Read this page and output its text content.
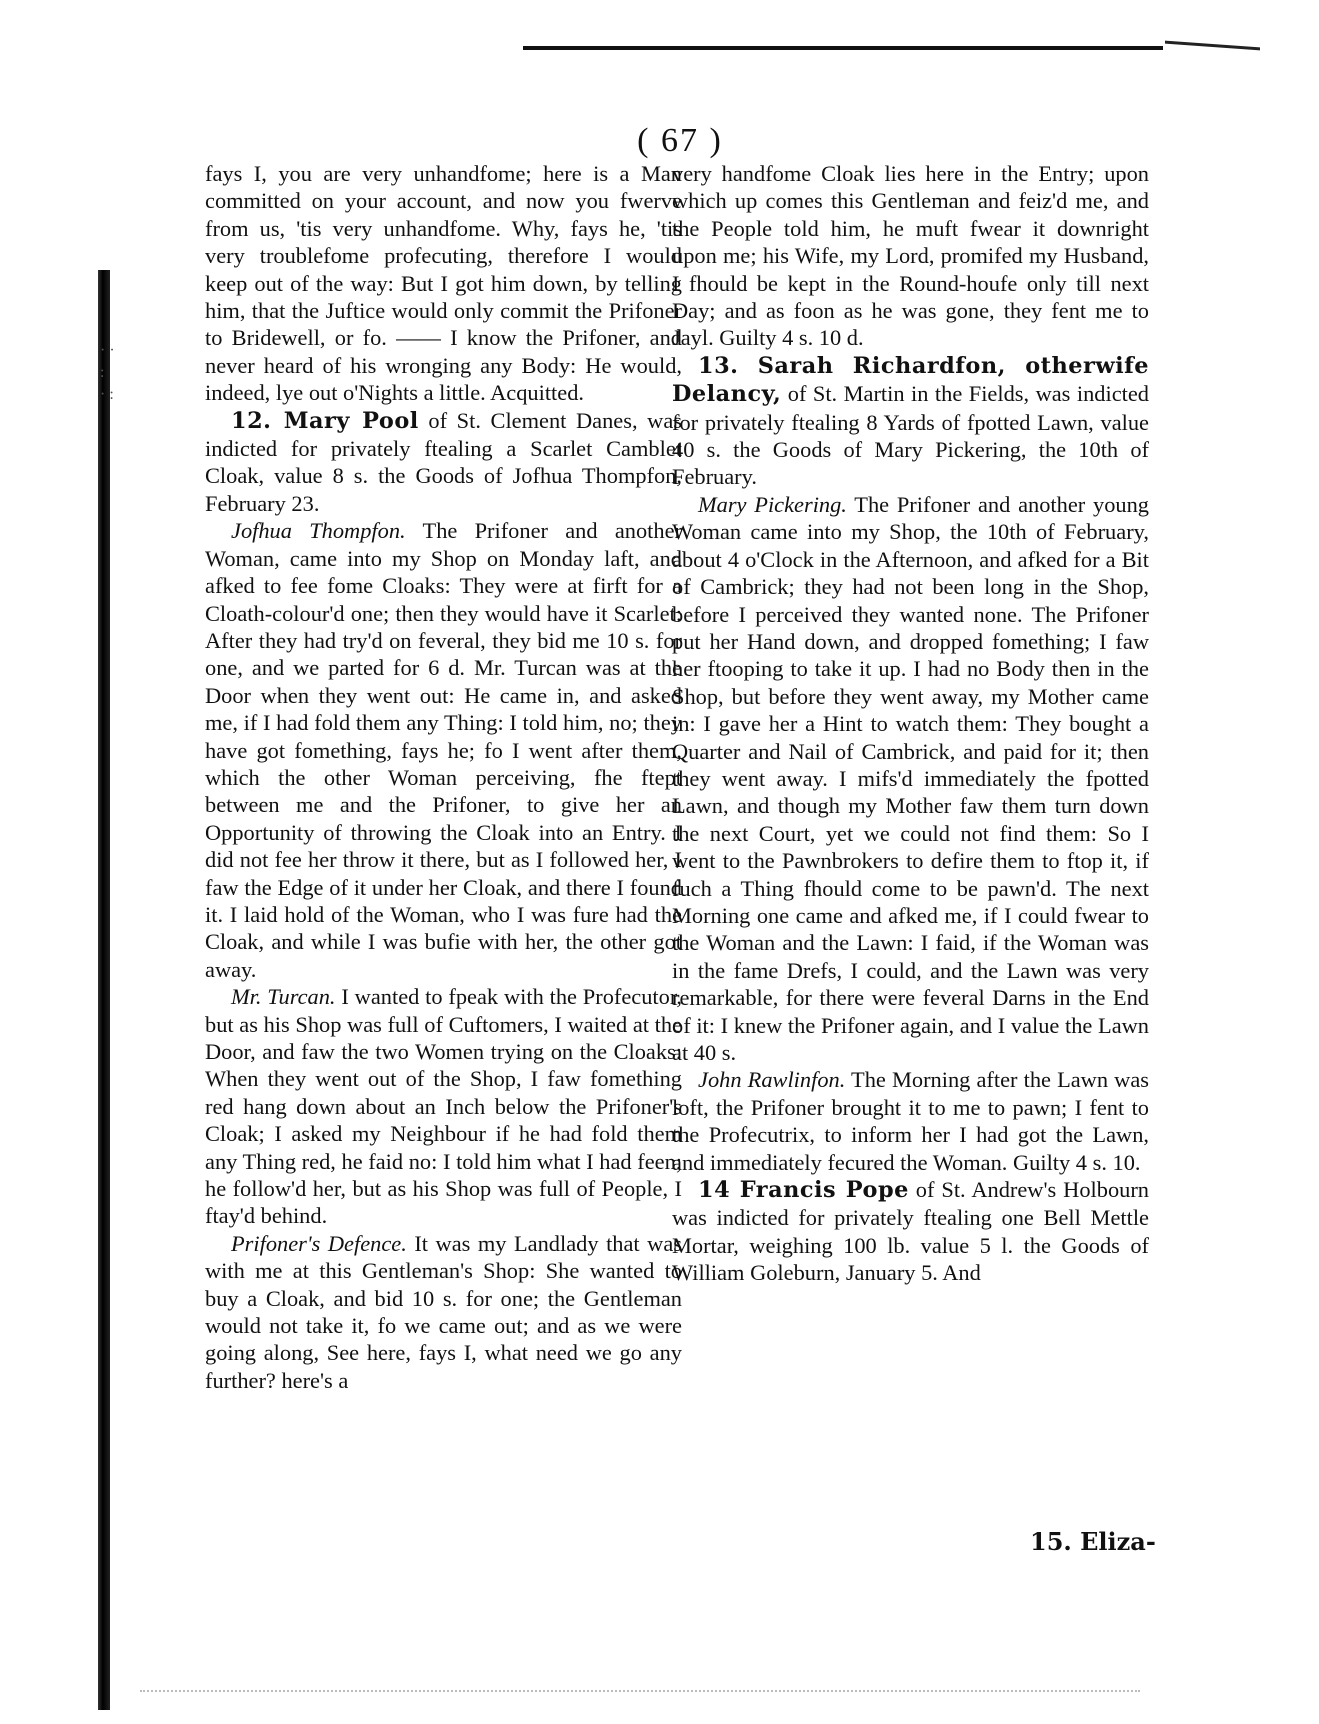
· ·
:
· :
( 67 )

fays I, you are very unhandfome; here is a Man committed on your account, and now you fwerve from us, 'tis very unhandfome. Why, fays he, 'tis very troublefome profecuting, therefore I would keep out of the way: But I got him down, by telling him, that the Juftice would only commit the Prifoner to Bridewell, or fo. —— I know the Prifoner, and never heard of his wronging any Body: He would, indeed, lye out o'Nights a little. Acquitted.

12. Mary Pool of St. Clement Danes, was indicted for privately ftealing a Scarlet Camblet Cloak, value 8 s. the Goods of Jofhua Thompfon, February 23.

Jofhua Thompfon. The Prifoner and another Woman, came into my Shop on Monday laft, and afked to fee fome Cloaks: They were at firft for a Cloath-colour'd one; then they would have it Scarlet: After they had try'd on feveral, they bid me 10 s. for one, and we parted for 6 d. Mr. Turcan was at the Door when they went out: He came in, and asked me, if I had fold them any Thing: I told him, no; they have got fomething, fays he; fo I went after them, which the other Woman perceiving, fhe ftept between me and the Prifoner, to give her an Opportunity of throwing the Cloak into an Entry. I did not fee her throw it there, but as I followed her, I faw the Edge of it under her Cloak, and there I found it. I laid hold of the Woman, who I was fure had the Cloak, and while I was bufie with her, the other got away.

Mr. Turcan. I wanted to fpeak with the Profecutor, but as his Shop was full of Cuftomers, I waited at the Door, and faw the two Women trying on the Cloaks: When they went out of the Shop, I faw fomething red hang down about an Inch below the Prifoner's Cloak; I asked my Neighbour if he had fold them any Thing red, he faid no: I told him what I had feen; he follow'd her, but as his Shop was full of People, I ftay'd behind.

Prifoner's Defence. It was my Landlady that was with me at this Gentleman's Shop: She wanted to buy a Cloak, and bid 10 s. for one; the Gentleman would not take it, fo we came out; and as we were going along, See here, fays I, what need we go any further? here's a

very handfome Cloak lies here in the Entry; upon which up comes this Gentleman and feiz'd me, and the People told him, he muft fwear it downright upon me; his Wife, my Lord, promifed my Husband, I fhould be kept in the Round-houfe only till next Day; and as foon as he was gone, they fent me to Jayl. Guilty 4 s. 10 d.

13. Sarah Richardfon, otherwife Delancy, of St. Martin in the Fields, was indicted for privately ftealing 8 Yards of fpotted Lawn, value 40 s. the Goods of Mary Pickering, the 10th of February.

Mary Pickering. The Prifoner and another young Woman came into my Shop, the 10th of February, about 4 o'Clock in the Afternoon, and afked for a Bit of Cambrick; they had not been long in the Shop, before I perceived they wanted none. The Prifoner put her Hand down, and dropped fomething; I faw her ftooping to take it up. I had no Body then in the Shop, but before they went away, my Mother came in: I gave her a Hint to watch them: They bought a Quarter and Nail of Cambrick, and paid for it; then they went away. I mifs'd immediately the fpotted Lawn, and though my Mother faw them turn down the next Court, yet we could not find them: So I went to the Pawnbrokers to defire them to ftop it, if fuch a Thing fhould come to be pawn'd. The next Morning one came and afked me, if I could fwear to the Woman and the Lawn: I faid, if the Woman was in the fame Drefs, I could, and the Lawn was very remarkable, for there were feveral Darns in the End of it: I knew the Prifoner again, and I value the Lawn at 40 s.

John Rawlinfon. The Morning after the Lawn was loft, the Prifoner brought it to me to pawn; I fent to the Profecutrix, to inform her I had got the Lawn, and immediately fecured the Woman. Guilty 4 s. 10.

14 Francis Pope of St. Andrew's Holbourn was indicted for privately ftealing one Bell Mettle Mortar, weighing 100 lb. value 5 l. the Goods of William Goleburn, January 5. And

15. Eliza-
